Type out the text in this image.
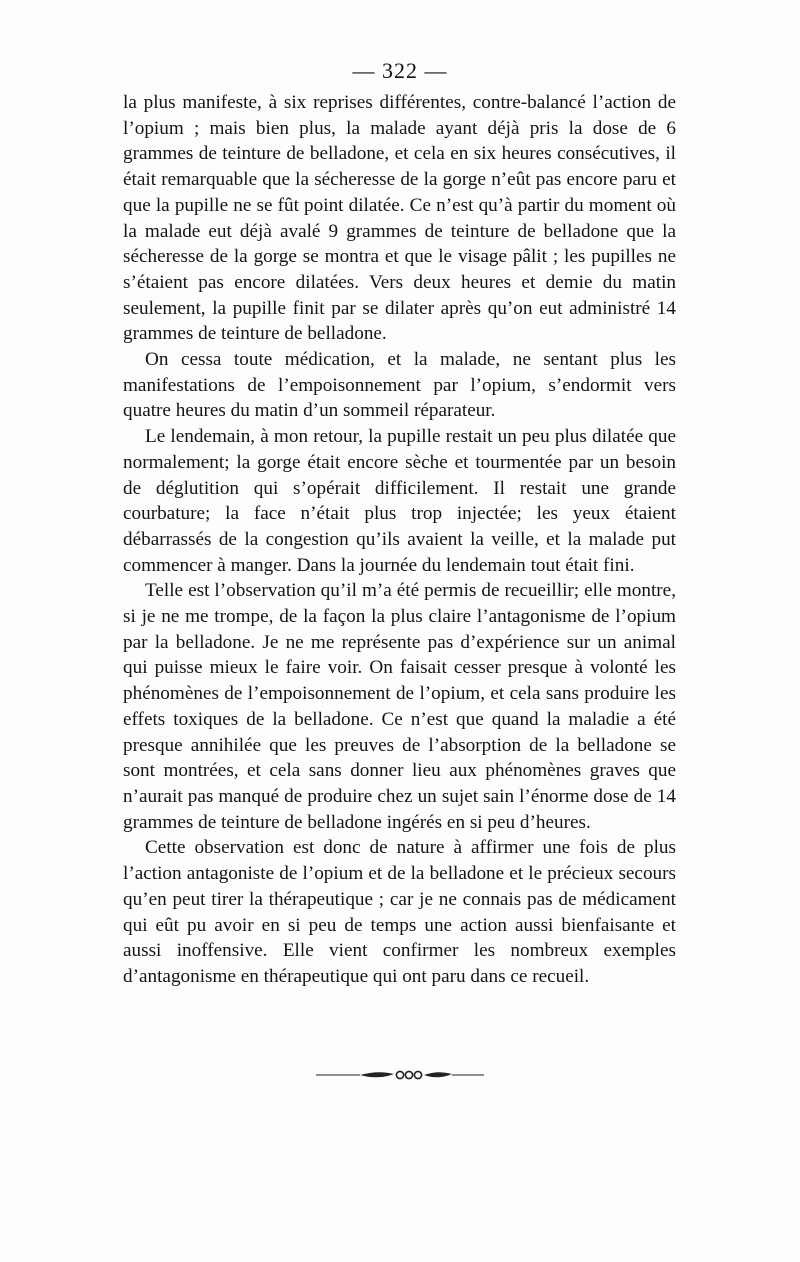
— 322 —

la plus manifeste, à six reprises différentes, contre-balancé l’action de l’opium ; mais bien plus, la malade ayant déjà pris la dose de 6 grammes de teinture de belladone, et cela en six heures consécutives, il était remarquable que la sécheresse de la gorge n’eût pas encore paru et que la pupille ne se fût point dilatée. Ce n’est qu’à partir du moment où la malade eut déjà avalé 9 grammes de teinture de belladone que la sécheresse de la gorge se montra et que le visage pâlit ; les pupilles ne s’étaient pas encore dilatées. Vers deux heures et demie du matin seulement, la pupille finit par se dilater après qu’on eut administré 14 grammes de teinture de belladone.

On cessa toute médication, et la malade, ne sentant plus les manifestations de l’empoisonnement par l’opium, s’endormit vers quatre heures du matin d’un sommeil réparateur.

Le lendemain, à mon retour, la pupille restait un peu plus dilatée que normalement; la gorge était encore sèche et tourmentée par un besoin de déglutition qui s’opérait difficilement. Il restait une grande courbature; la face n’était plus trop injectée; les yeux étaient débarrassés de la congestion qu’ils avaient la veille, et la malade put commencer à manger. Dans la journée du lendemain tout était fini.

Telle est l’observation qu’il m’a été permis de recueillir; elle montre, si je ne me trompe, de la façon la plus claire l’antagonisme de l’opium par la belladone. Je ne me représente pas d’expérience sur un animal qui puisse mieux le faire voir. On faisait cesser presque à volonté les phénomènes de l’empoisonnement de l’opium, et cela sans produire les effets toxiques de la belladone. Ce n’est que quand la maladie a été presque annihilée que les preuves de l’absorption de la belladone se sont montrées, et cela sans donner lieu aux phénomènes graves que n’aurait pas manqué de produire chez un sujet sain l’énorme dose de 14 grammes de teinture de belladone ingérés en si peu d’heures.

Cette observation est donc de nature à affirmer une fois de plus l’action antagoniste de l’opium et de la belladone et le précieux secours qu’en peut tirer la thérapeutique ; car je ne connais pas de médicament qui eût pu avoir en si peu de temps une action aussi bienfaisante et aussi inoffensive. Elle vient confirmer les nombreux exemples d’antagonisme en thérapeutique qui ont paru dans ce recueil.
